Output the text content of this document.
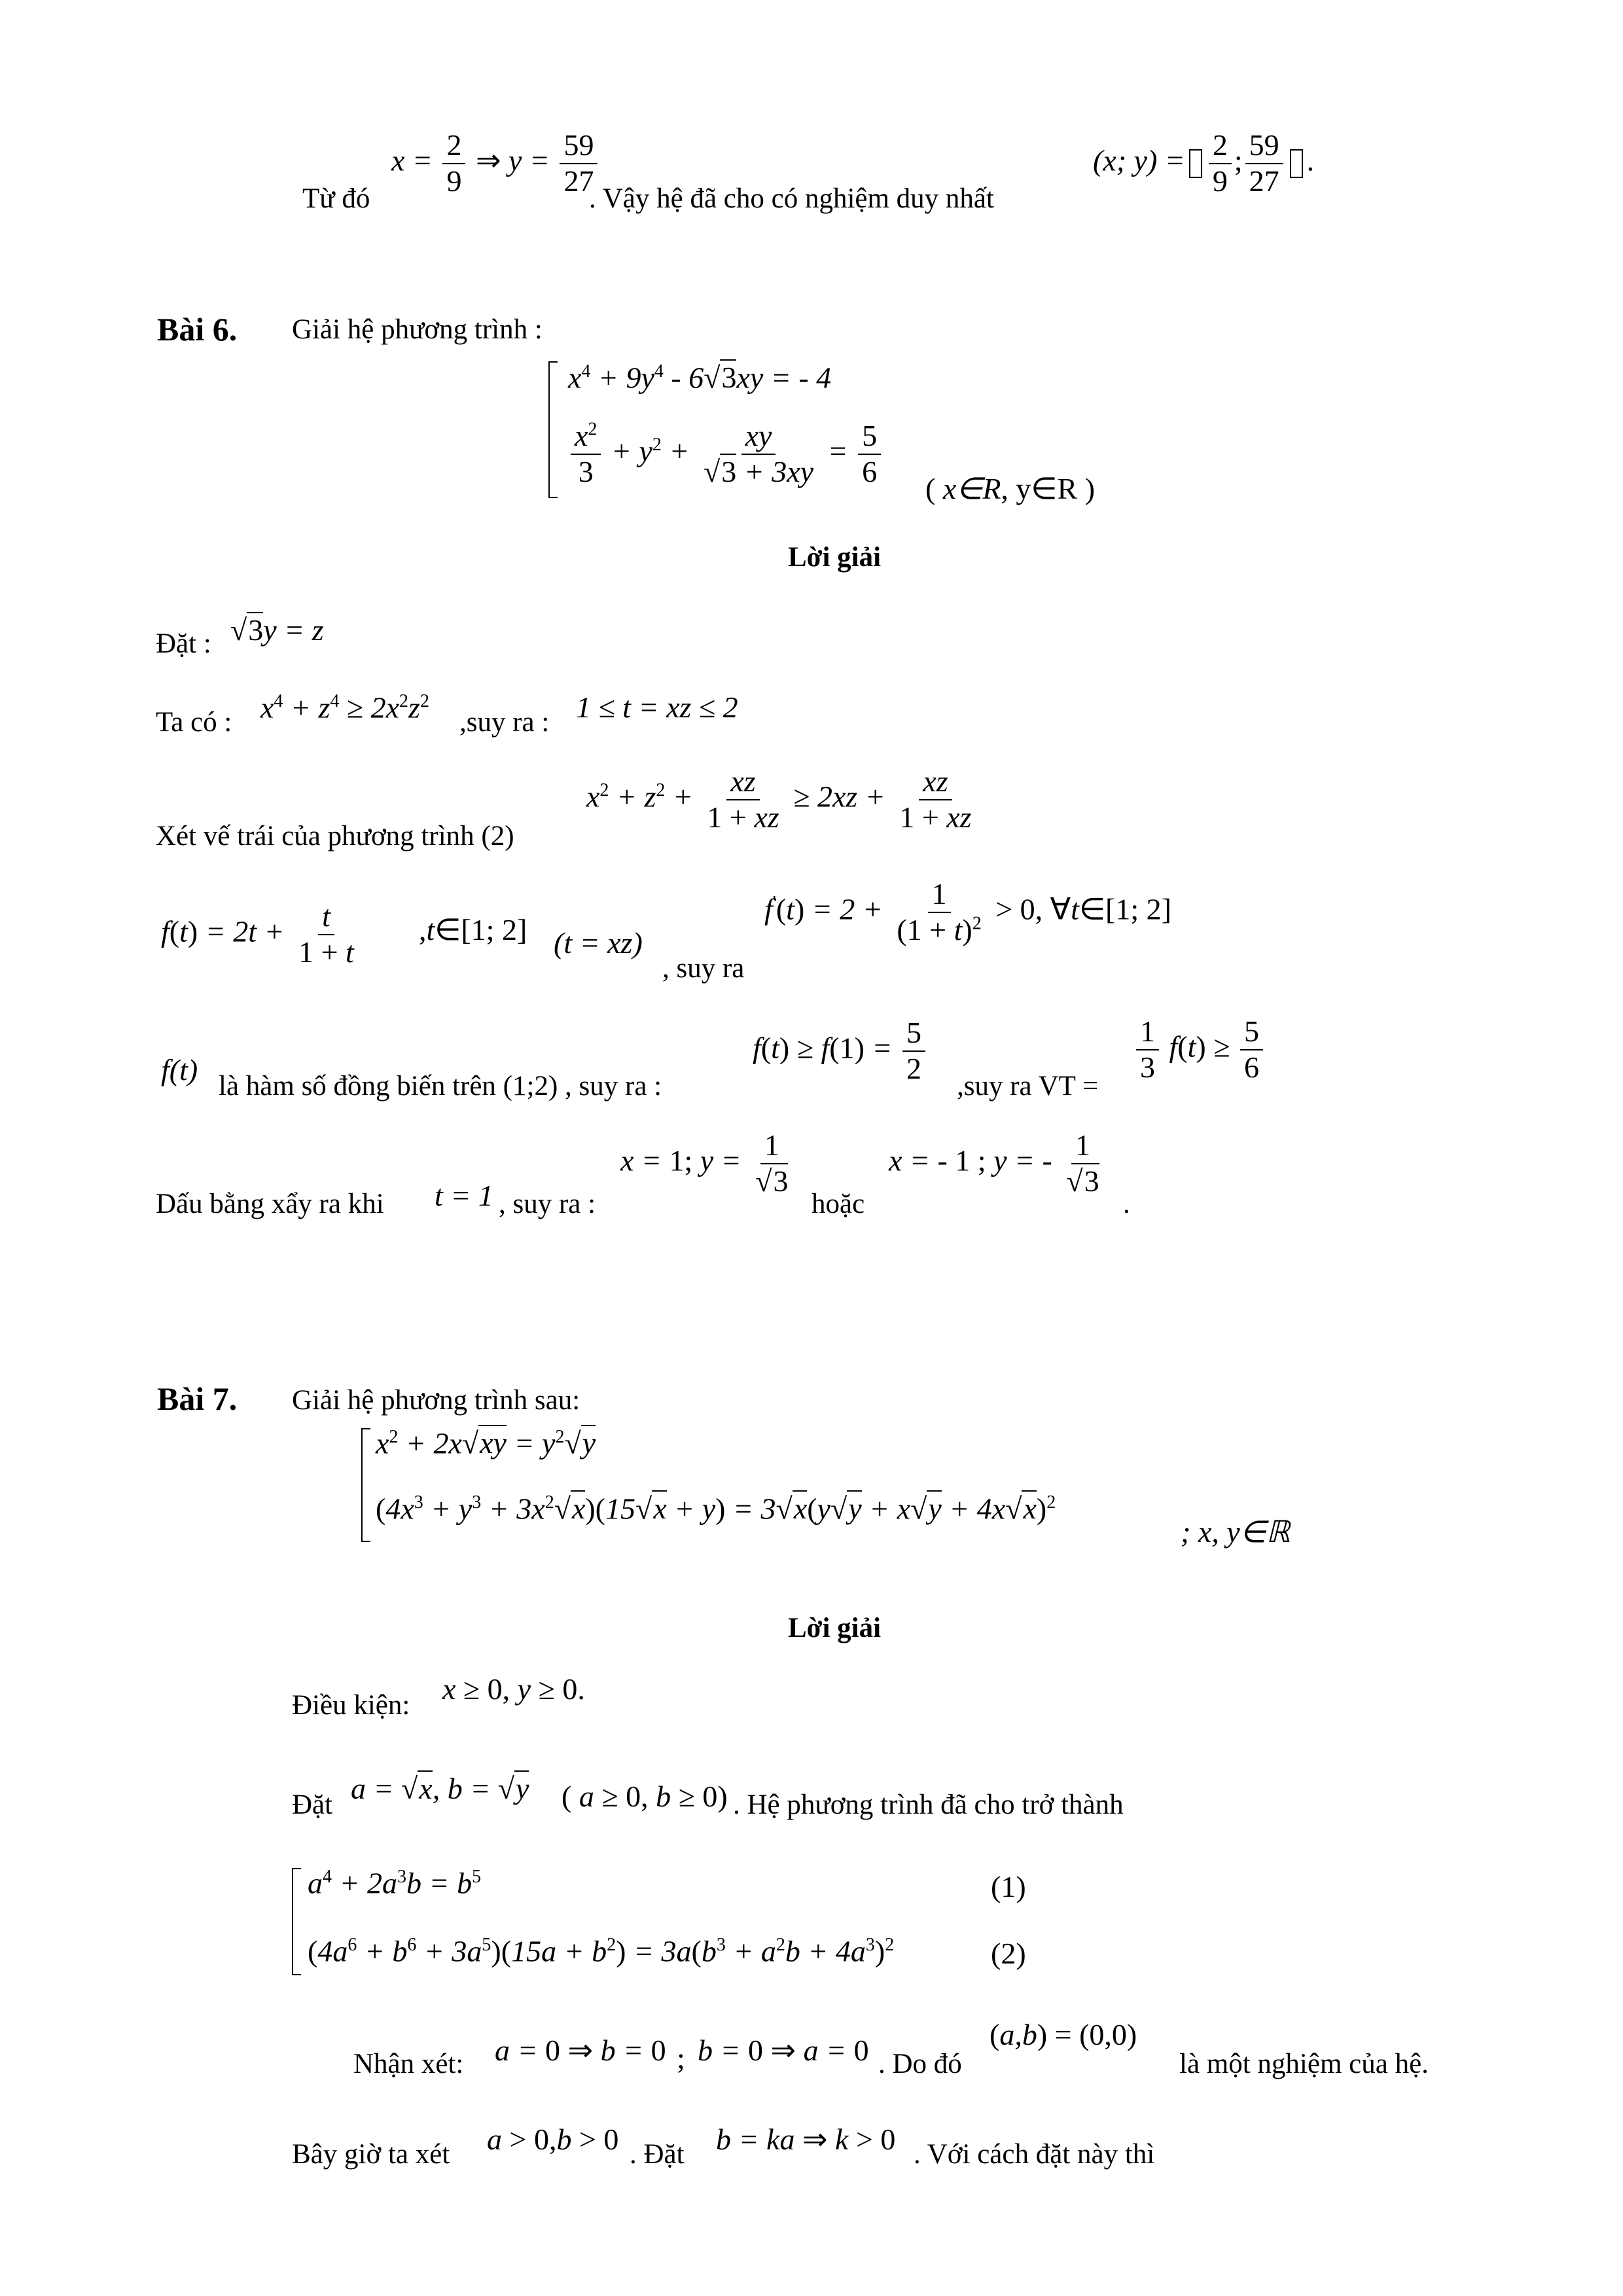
Từ đó
$x = \frac{2}{9}$ ⇒ $y = \frac{59}{27}$
. Vậy hệ đã cho có nghiệm duy nhất
(x; $y) = \frac{2}{9}$ ; $\frac{59}{27}$ .
Bài 6. Giải hệ phương trình :
$x^4 + 9y^4 - 6√3xy$ = - 4
$\frac{x^2}{3} + y^2 + \frac{xy}{√3 + 3xy} = \frac{5}{6}$ ( x∈R, y∈R )
Lời giải
Đặt : √3y = z
Ta có : $x^4 + z^4 \ge 2x^2z^2$
,suy ra : 1 ≤ t = xz ≤ 2
Xét vế trái của phương trình (2)
$x^2 + z^2 + \frac{xz}{1 + xz} \ge 2xz + \frac{xz}{1 + xz}$
$f(t) = 2t + \frac{t}{1 + t}$ ,t∈[1; 2] (t = xz)
, suy ra
$f'(t) = 2 + \frac{1}{(1 + t)^2} > 0$, ∀t∈[1; 2]
f(t) là hàm số đồng biến trên (1;2) , suy ra :
$f(t) \ge f(1) = \frac{5}{2} ,suy$ ra VT =
$\frac{1}{3} f(t) \ge \frac{5}{6}$
Dấu bằng xẩy ra khi t = 1 , suy ra :
x = 1; $y = \frac{1}{√3}$
hoặc
x = - 1 ; y = - $\frac{1}{√3}$
.
Bài 7. Giải hệ phương trình sau:
$x^2 + 2x√xy = y^2√y$
$(4x^3 + y^3 + 3x^2√x)(15√x + y) = 3√x(y√y + x√y + 4x√x)^2$
; x, y∈ℝ
Lời giải
Điều kiện: x ≥ 0, y ≥ 0.
Đặt a = √x, b = √y ( a ≥ 0, b ≥ 0) . Hệ phương trình đã cho trở thành
$a^4 + 2a^3b = b^5$	(1)
$(4a^6 + b^6 + 3a^5)(15a + b^2) = 3a(b^3 + a^2b + 4a^3)^2$	(2)
Nhận xét: a = 0 ⇒ b = 0 ; b = 0 ⇒ a = 0 . Do đó
(a,b) = (0,0)
là một nghiệm của hệ.
Bây giờ ta xét a > 0,b > 0 . Đặt b = ka ⇒ k > 0 . Với cách đặt này thì
